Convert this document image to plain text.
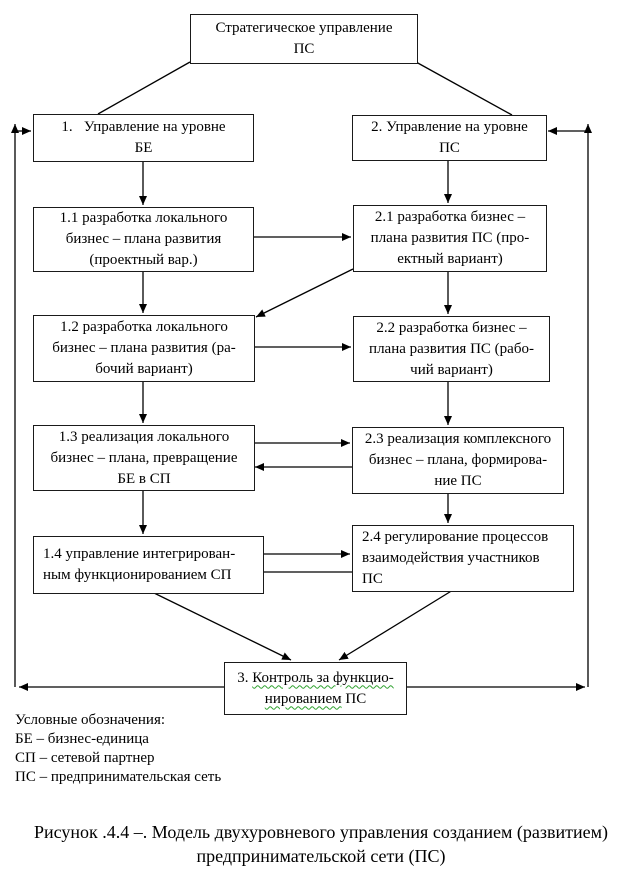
Стратегическое управление
ПС
1.   Управление на уровне
БЕ
2. Управление на уровне
ПС
1.1 разработка локального
бизнес – плана развития
(проектный вар.)
2.1 разработка бизнес –
плана развития ПС (про-
ектный вариант)
1.2 разработка локального
бизнес – плана развития (ра-
бочий вариант)
2.2 разработка бизнес –
плана развития ПС (рабо-
чий вариант)
1.3 реализация локального
бизнес – плана, превращение
БЕ в СП
2.3 реализация комплексного
бизнес – плана, формирова-
ние ПС
1.4 управление интегрирован-
ным функционированием СП
2.4 регулирование процессов
взаимодействия участников
ПС
3. Контроль за функцио-
нированием ПС
Условные обозначения:
БЕ – бизнес-единица
СП – сетевой партнер
ПС – предпринимательская сеть
Рисунок .4.4 –. Модель двухуровневого управления созданием (развитием)
предпринимательской сети (ПС)
